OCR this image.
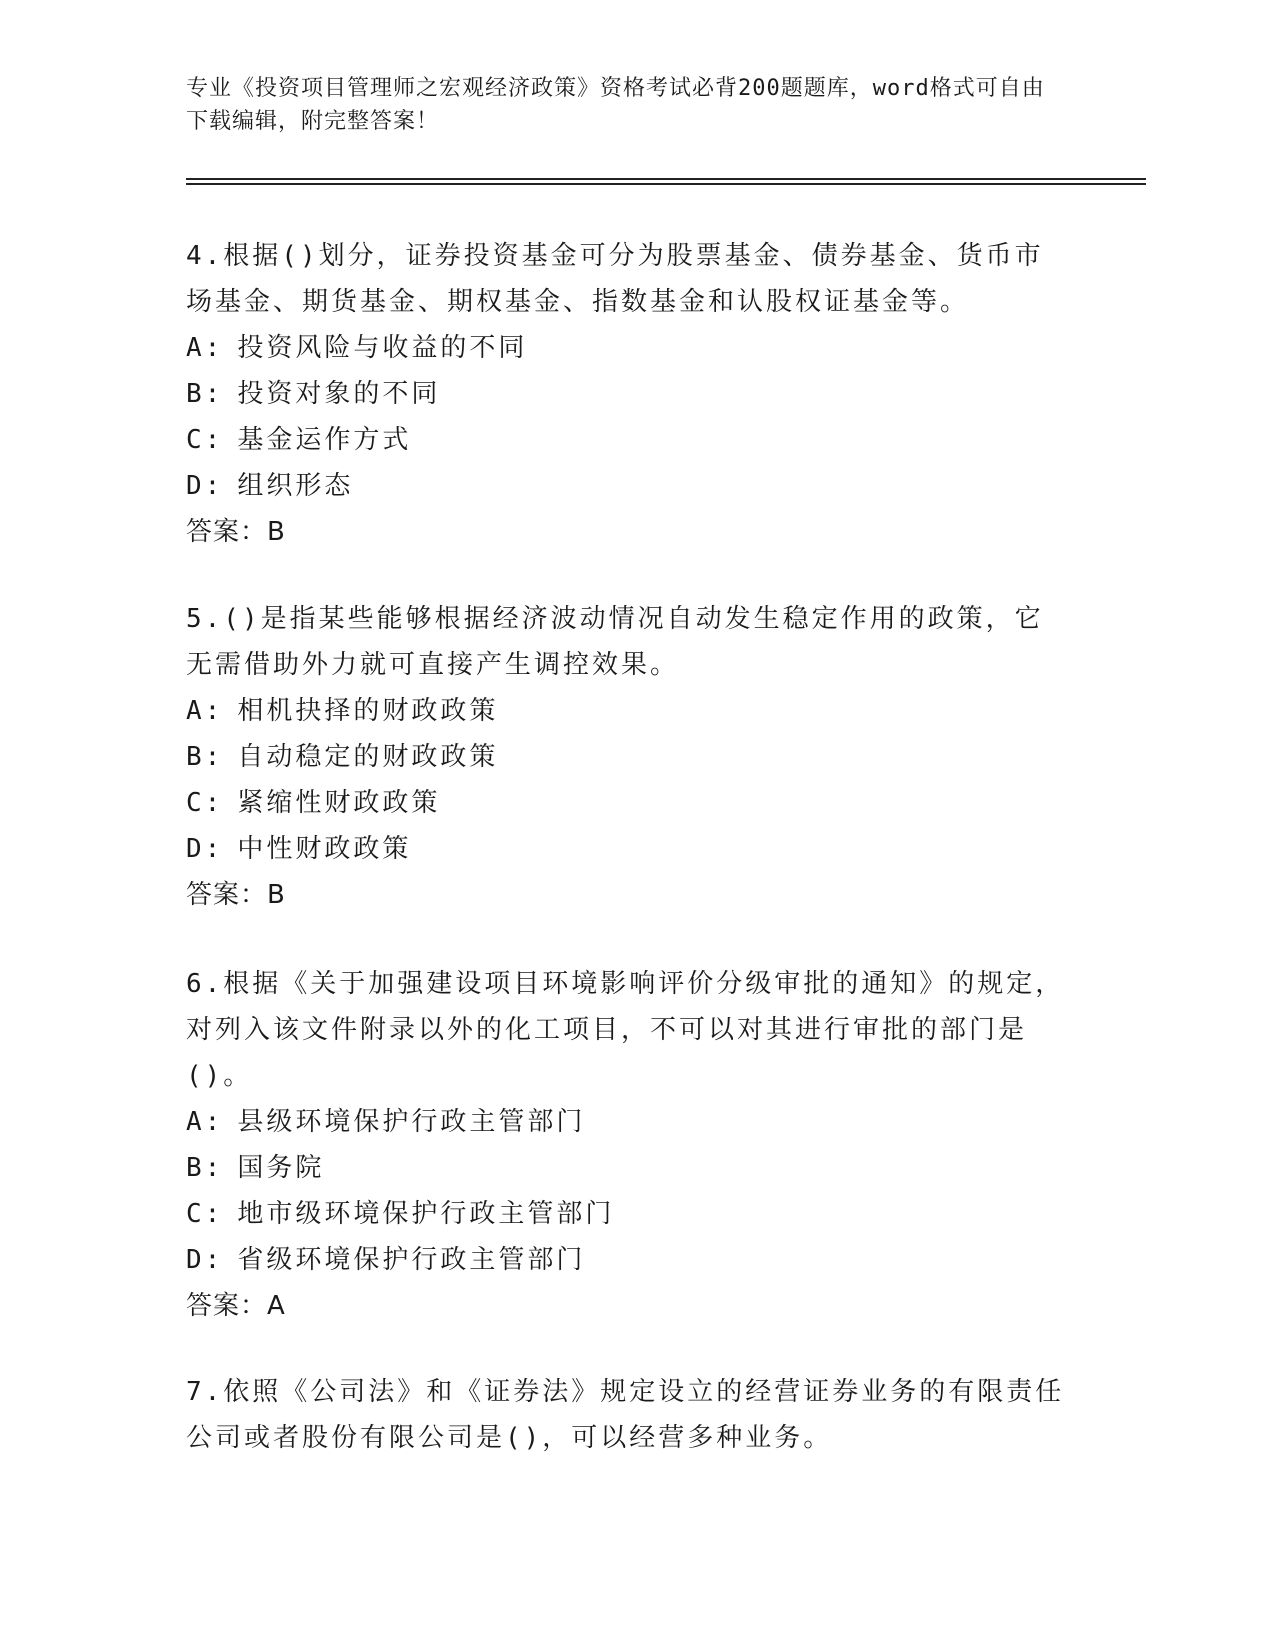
专业《投资项目管理师之宏观经济政策》资格考试必背200题题库，word格式可自由下载编辑，附完整答案！

4.根据()划分，证券投资基金可分为股票基金、债券基金、货币市场基金、期货基金、期权基金、指数基金和认股权证基金等。

A: 投资风险与收益的不同

B: 投资对象的不同

C: 基金运作方式

D: 组织形态

答案：B

5.()是指某些能够根据经济波动情况自动发生稳定作用的政策，它无需借助外力就可直接产生调控效果。

A: 相机抉择的财政政策

B: 自动稳定的财政政策

C: 紧缩性财政政策

D: 中性财政政策

答案：B

6.根据《关于加强建设项目环境影响评价分级审批的通知》的规定，对列入该文件附录以外的化工项目，不可以对其进行审批的部门是()。

A: 县级环境保护行政主管部门

B: 国务院

C: 地市级环境保护行政主管部门

D: 省级环境保护行政主管部门

答案：A

7.依照《公司法》和《证券法》规定设立的经营证券业务的有限责任公司或者股份有限公司是()，可以经营多种业务。
